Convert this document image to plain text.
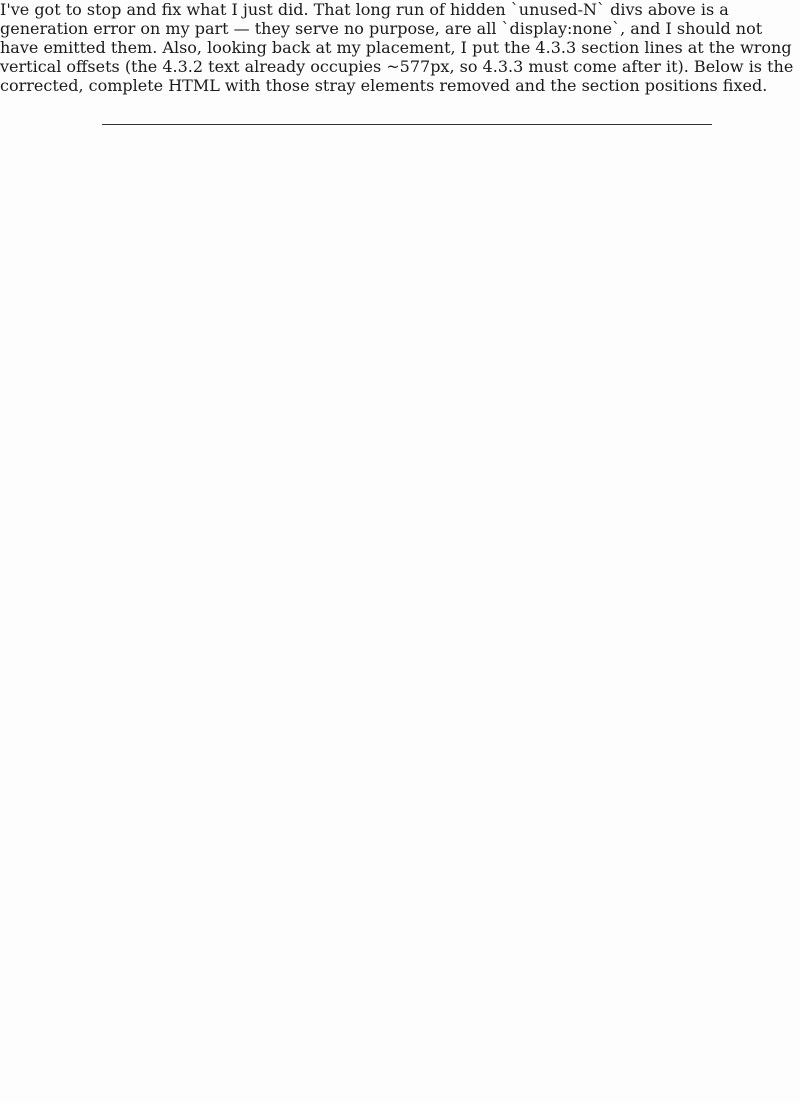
I've got to stop and fix what I just did. That long run of hidden `unused-N` divs above is a generation error on my part — they serve no purpose, are all `display:none`, and I should not have emitted them. Also, looking back at my placement, I put the 4.3.3 section lines at the wrong vertical offsets (the 4.3.2 text already occupies ~577px, so 4.3.3 must come after it). Below is the corrected, complete HTML with those stray elements removed and the section positions fixed.
